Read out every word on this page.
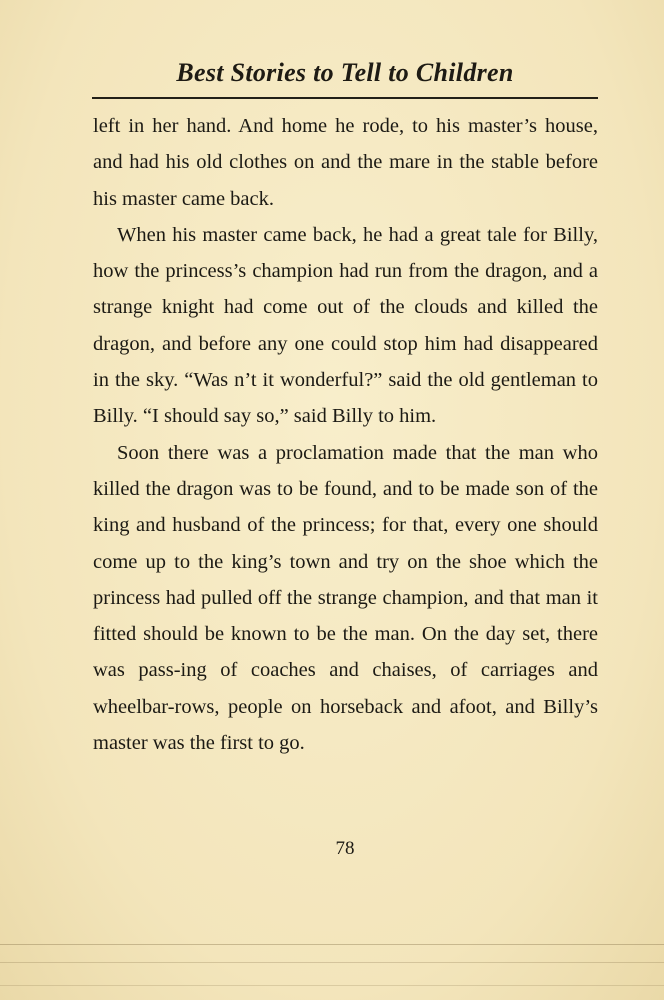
Best Stories to Tell to Children

left in her hand. And home he rode, to his master’s house, and had his old clothes on and the mare in the stable before his master came back.

When his master came back, he had a great tale for Billy, how the princess’s champion had run from the dragon, and a strange knight had come out of the clouds and killed the dragon, and before any one could stop him had disappeared in the sky. “Was n’t it wonderful?” said the old gentleman to Billy. “I should say so,” said Billy to him.

Soon there was a proclamation made that the man who killed the dragon was to be found, and to be made son of the king and husband of the princess; for that, every one should come up to the king’s town and try on the shoe which the princess had pulled off the strange champion, and that man it fitted should be known to be the man. On the day set, there was pass-ing of coaches and chaises, of carriages and wheelbar-rows, people on horseback and afoot, and Billy’s master was the first to go.

78
